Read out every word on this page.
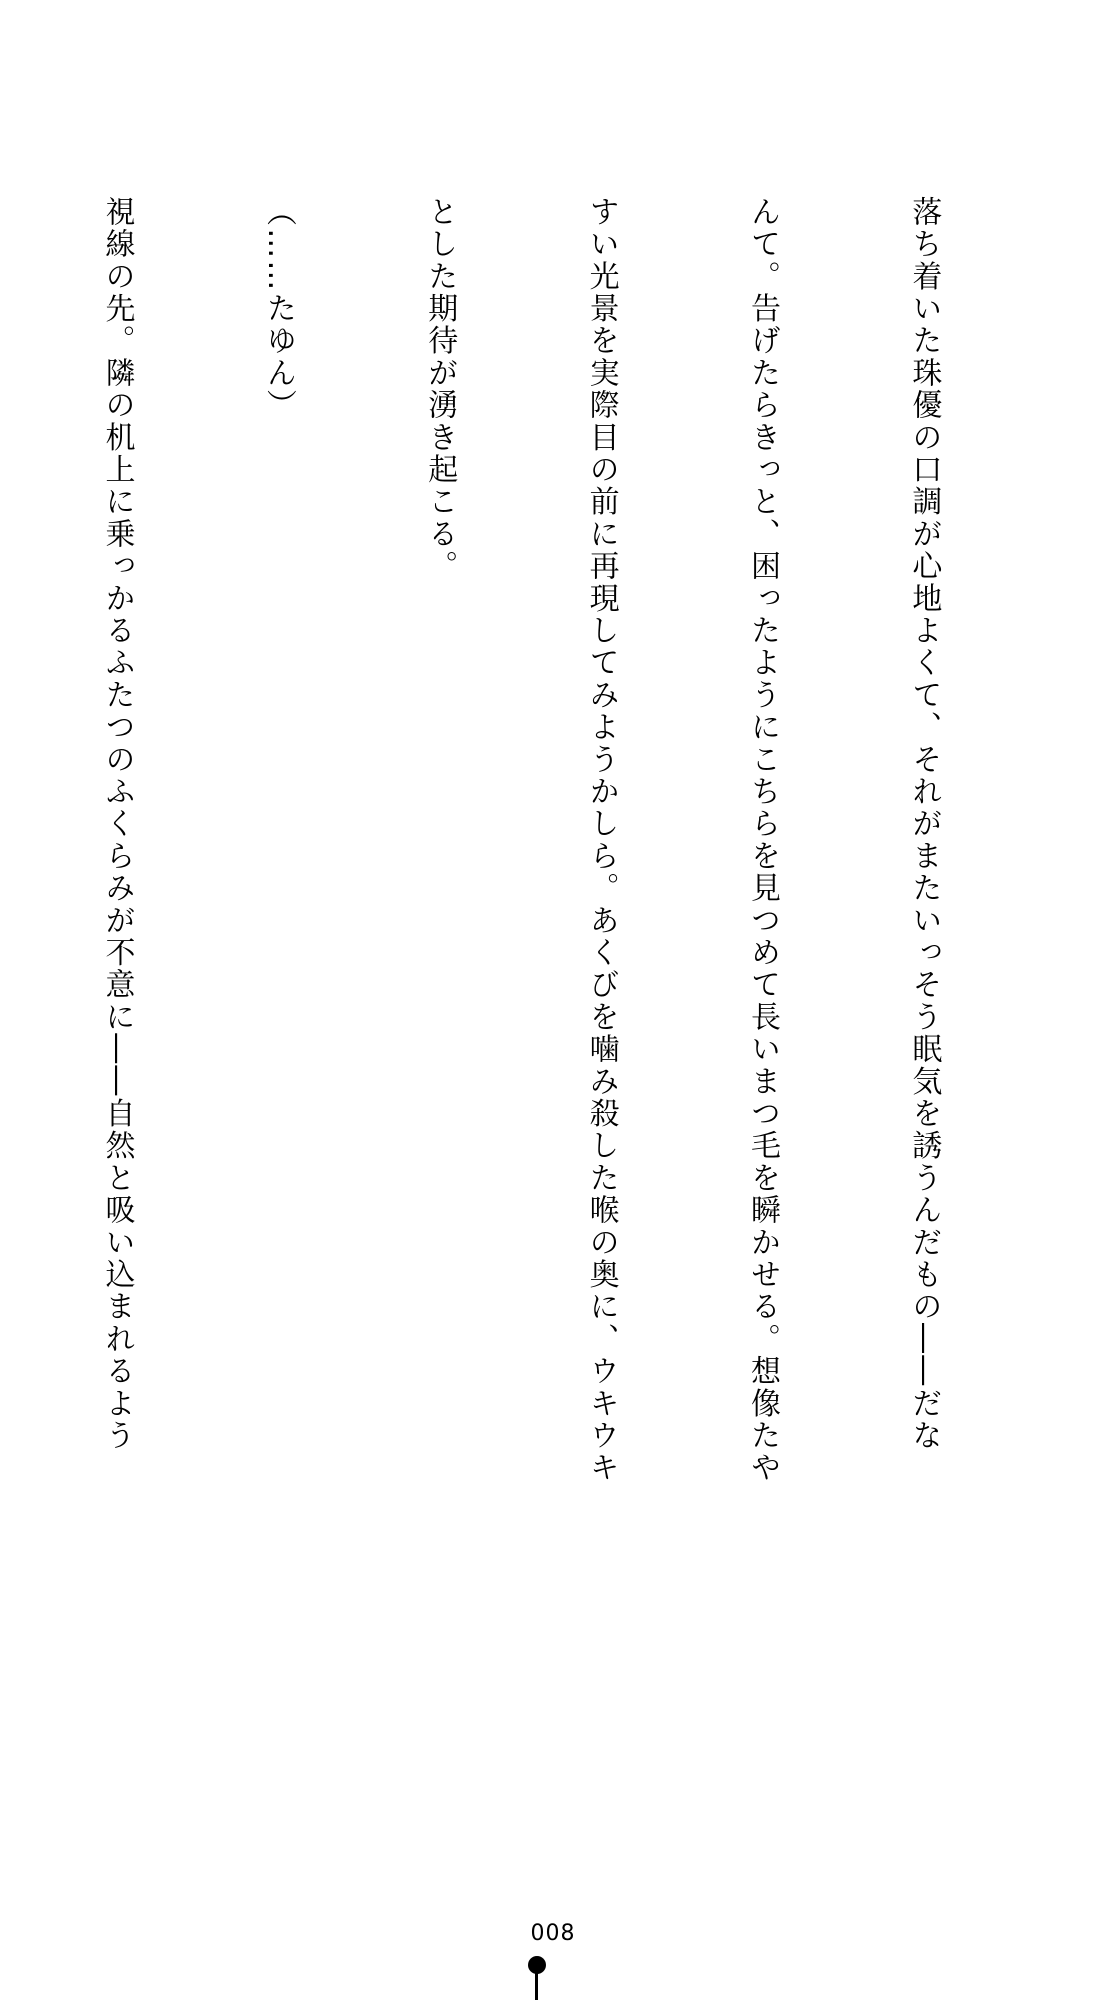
落ち着いた珠優の口調が心地よくて、それがまたいっそう眠気を誘うんだもの――だな

んて。告げたらきっと、困ったようにこちらを見つめて長いまつ毛を瞬かせる。想像たや

すい光景を実際目の前に再現してみようかしら。あくびを噛み殺した喉の奥に、ウキウキ

とした期待が湧き起こる。

（……たゆん）

視線の先。隣の机上に乗っかるふたつのふくらみが不意に――自然と吸い込まれるよう

008
